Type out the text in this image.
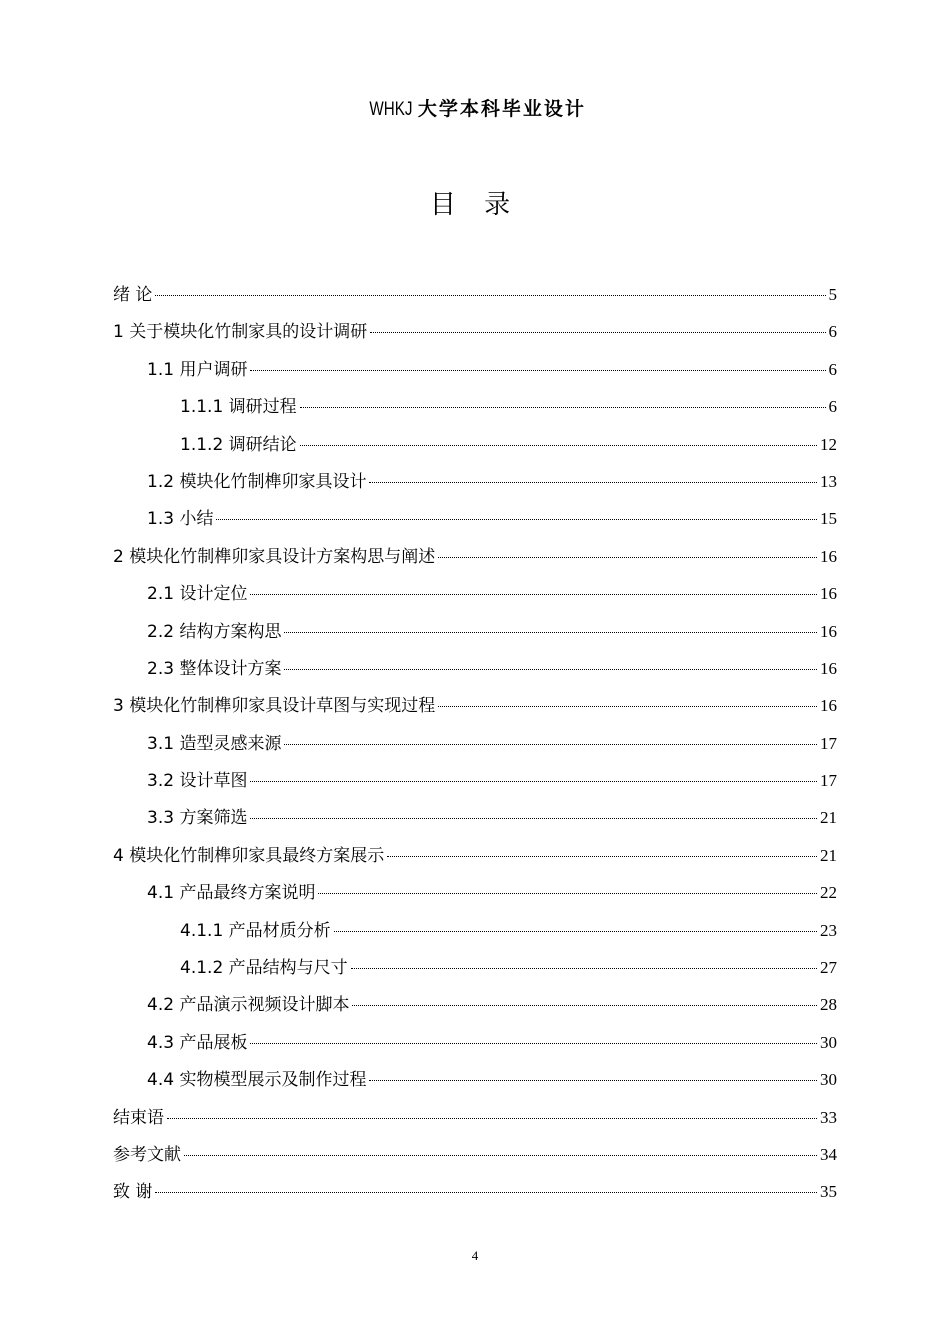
WHKJ 大学本科毕业设计
目 录
绪 论	5
1 关于模块化竹制家具的设计调研	6
1.1 用户调研	6
1.1.1 调研过程	6
1.1.2 调研结论	12
1.2 模块化竹制榫卯家具设计	13
1.3 小结	15
2 模块化竹制榫卯家具设计方案构思与阐述	16
2.1 设计定位	16
2.2 结构方案构思	16
2.3 整体设计方案	16
3 模块化竹制榫卯家具设计草图与实现过程	16
3.1 造型灵感来源	17
3.2 设计草图	17
3.3 方案筛选	21
4 模块化竹制榫卯家具最终方案展示	21
4.1 产品最终方案说明	22
4.1.1 产品材质分析	23
4.1.2 产品结构与尺寸	27
4.2 产品演示视频设计脚本	28
4.3 产品展板	30
4.4 实物模型展示及制作过程	30
结束语	33
参考文献	34
致 谢	35
4
